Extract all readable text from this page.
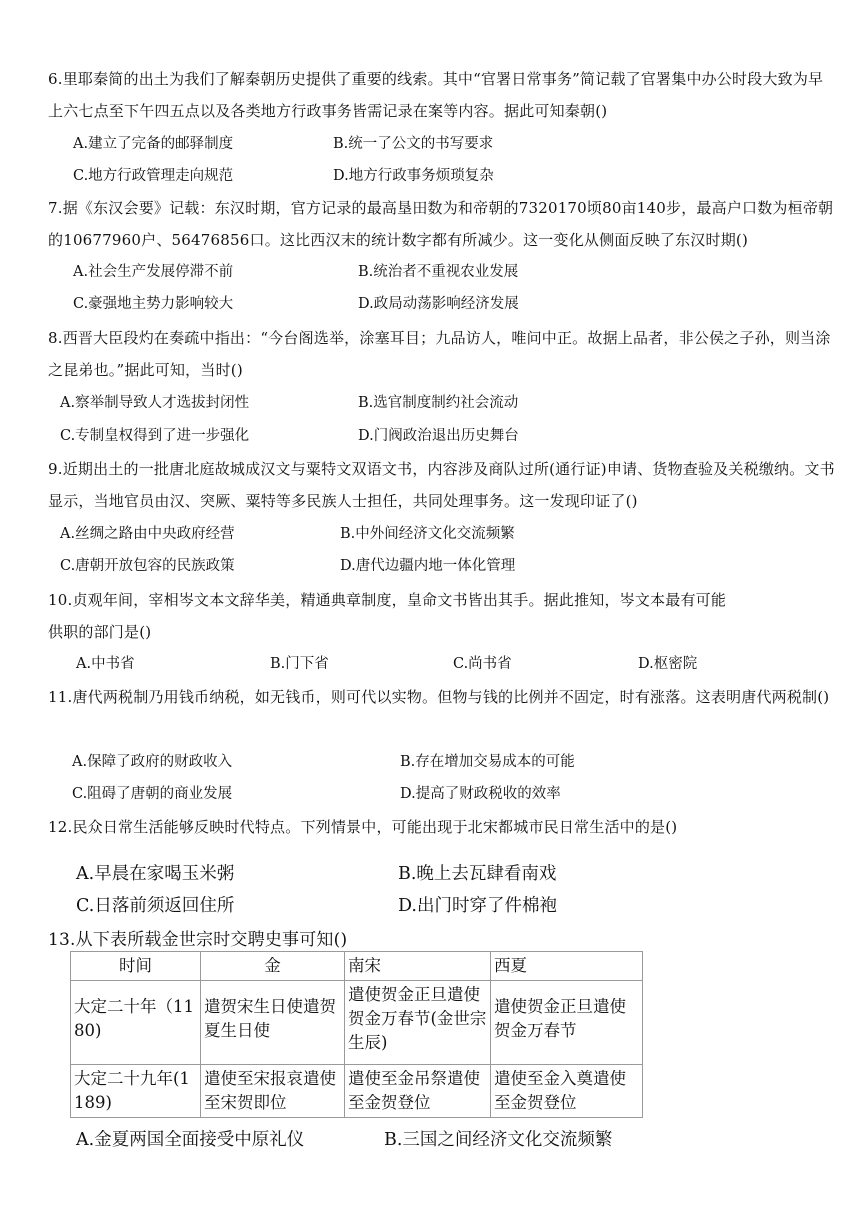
6.里耶秦简的出土为我们了解秦朝历史提供了重要的线索。其中“官署日常事务”简记载了官署集中办公时段大致为早上六七点至下午四五点以及各类地方行政事务皆需记录在案等内容。据此可知秦朝()
A.建立了完备的邮驿制度	B.统一了公文的书写要求
C.地方行政管理走向规范	D.地方行政事务烦琐复杂
7.据《东汉会要》记载：东汉时期，官方记录的最高垦田数为和帝朝的7320170顷80亩140步，最高户口数为桓帝朝的10677960户、56476856口。这比西汉末的统计数字都有所减少。这一变化从侧面反映了东汉时期()
A.社会生产发展停滞不前	B.统治者不重视农业发展
C.豪强地主势力影响较大	D.政局动荡影响经济发展
8.西晋大臣段灼在奏疏中指出：“今台阁选举，涂塞耳目；九品访人，唯问中正。故据上品者，非公侯之子孙，则当涂之昆弟也。”据此可知，当时()
A.察举制导致人才选拔封闭性	B.选官制度制约社会流动
C.专制皇权得到了进一步强化	D.门阀政治退出历史舞台
9.近期出土的一批唐北庭故城成汉文与粟特文双语文书，内容涉及商队过所(通行证)申请、货物查验及关税缴纳。文书显示，当地官员由汉、突厥、粟特等多民族人士担任，共同处理事务。这一发现印证了()
A.丝绸之路由中央政府经营	B.中外间经济文化交流频繁
C.唐朝开放包容的民族政策	D.唐代边疆内地一体化管理
10.贞观年间，宰相岑文本文辞华美，精通典章制度，皇命文书皆出其手。据此推知，岑文本最有可能
供职的部门是()
A.中书省	B.门下省	C.尚书省	D.枢密院
11.唐代两税制乃用钱币纳税，如无钱币，则可代以实物。但物与钱的比例并不固定，时有涨落。这表明唐代两税制()
A.保障了政府的财政收入	B.存在增加交易成本的可能
C.阻碍了唐朝的商业发展	D.提高了财政税收的效率
12.民众日常生活能够反映时代特点。下列情景中，可能出现于北宋都城市民日常生活中的是()
A.早晨在家喝玉米粥	B.晚上去瓦肆看南戏
C.日落前须返回住所	D.出门时穿了件棉袍
13.从下表所载金世宗时交聘史事可知()
时间	金	南宋	西夏
大定二十年（1180)	遣贺宋生日使遣贺夏生日使	遣使贺金正旦遣使贺金万春节(金世宗生辰)	遣使贺金正旦遣使贺金万春节
大定二十九年(1189)	遣使至宋报哀遣使至宋贺即位	遣使至金吊祭遣使至金贺登位	遣使至金入奠遣使至金贺登位
A.金夏两国全面接受中原礼仪	B.三国之间经济文化交流频繁
